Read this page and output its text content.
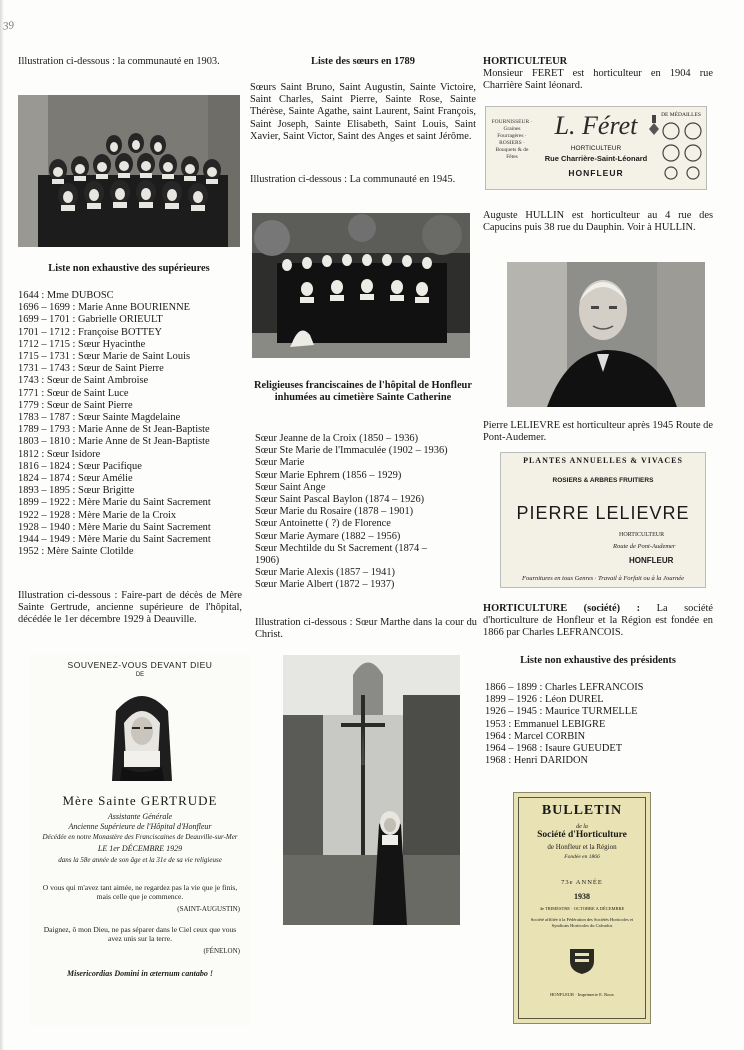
39

Illustration ci-dessous : la communauté en 1903.

Liste non exhaustive des supérieures

1644 : Mme DUBOSC
1696 – 1699 : Marie Anne BOURIENNE
1699 – 1701 : Gabrielle ORIEULT
1701 – 1712 : Françoise BOTTEY
1712 – 1715 : Sœur Hyacinthe
1715 – 1731 : Sœur Marie de Saint Louis
1731 – 1743 : Sœur de Saint Pierre
1743 : Sœur de Saint Ambroise
1771 : Sœur de Saint Luce
1779 : Sœur de Saint Pierre
1783 – 1787 : Sœur Sainte Magdelaine
1789 – 1793 : Marie Anne de St Jean-Baptiste
1803 – 1810 : Marie Anne de St Jean-Baptiste
1812 : Sœur Isidore
1816 – 1824 : Sœur Pacifique
1824 – 1874 : Sœur Amélie
1893 – 1895 : Sœur Brigitte
1899 – 1922 : Mère Marie du Saint Sacrement
1922 – 1928 : Mère Marie de la Croix
1928 – 1940 : Mère Marie du Saint Sacrement
1944 – 1949 : Mère Marie du Saint Sacrement
1952 : Mère Sainte Clotilde

Illustration ci-dessous : Faire-part de décès de Mère Sainte Gertrude, ancienne supérieure de l'hôpital, décédée le 1er décembre 1929 à Deauville.

SOUVENEZ-VOUS DEVANT DIEU
DE
Mère Sainte GERTRUDE
Assistante Générale
Ancienne Supérieure de l'Hôpital d'Honfleur
Décédée en notre Monastère des Franciscaines de Deauville-sur-Mer
LE 1er DÉCEMBRE 1929
dans la 58e année de son âge et la 31e de sa vie religieuse
O vous qui m'avez tant aimée, ne regardez pas la vie que je finis, mais celle que je commence.
(SAINT-AUGUSTIN)
Daignez, ô mon Dieu, ne pas séparer dans le Ciel ceux que vous avez unis sur la terre.
(FÉNELON)
Misericordias Domini in æternum cantabo !

Liste des sœurs en 1789

Sœurs Saint Bruno, Saint Augustin, Sainte Victoire, Saint Charles, Saint Pierre, Sainte Rose, Sainte Thérèse, Sainte Agathe, saint Laurent, Saint François, Saint Joseph, Sainte Elisabeth, Saint Louis, Saint Xavier, Saint Victor, Saint des Anges et saint Jérôme.

Illustration ci-dessous : La communauté en 1945.

Religieuses franciscaines de l'hôpital de Honfleur inhumées au cimetière Sainte Catherine

Sœur Jeanne de la Croix (1850 – 1936)
Sœur Ste Marie de l'Immaculée (1902 – 1936)
Sœur Marie
Sœur Marie Ephrem (1856 – 1929)
Sœur Saint Ange
Sœur Saint Pascal Baylon (1874 – 1926)
Sœur Marie du Rosaire (1878 – 1901)
Sœur Antoinette ( ?) de Florence
Sœur Marie Aymare (1882 – 1956)
Sœur Mechtilde du St Sacrement (1874 –
1906)
Sœur Marie Alexis (1857 – 1941)
Sœur Marie Albert (1872 – 1937)

Illustration ci-dessous : Sœur Marthe dans la cour du Christ.

HORTICULTEUR

Monsieur FERET est horticulteur en 1904 rue Charrière Saint léonard.

FOURNISSEUR · Graines Fourragères · ROSIERS · Bouquets & de Fêtes
L. Féret
HORTICULTEUR
Rue Charrière-Saint-Léonard
HONFLEUR
DE MÉDAILLES

Auguste HULLIN est horticulteur au 4 rue des Capucins puis 38 rue du Dauphin. Voir à HULLIN.

Pierre LELIEVRE est horticulteur après 1945 Route de Pont-Audemer.

PLANTES ANNUELLES & VIVACES
ROSIERS & ARBRES FRUITIERS
PIERRE LELIEVRE
HORTICULTEUR
Route de Pont-Audemer
HONFLEUR
Fournitures en tous Genres · Travail à Forfait ou à la Journée

HORTICULTURE (société) : La société d'horticulture de Honfleur et la Région est fondée en 1866 par Charles LEFRANCOIS.

Liste non exhaustive des présidents

1866 – 1899 : Charles LEFRANCOIS
1899 – 1926 : Léon DUREL
1926 – 1945 : Maurice TURMELLE
1953 : Emmanuel LEBIGRE
1964 : Marcel CORBIN
1964 – 1968 : Isaure GUEUDET
1968 : Henri DARIDON
BULLETIN
de la
Société d'Horticulture
de Honfleur et la Région
Fondée en 1866
73e ANNÉE
1938
4e TRIMESTRE · OCTOBRE A DÉCEMBRE
Société affiliée à la Fédération des Sociétés Horticoles et Syndicats Horticoles du Calvados
HONFLEUR · Imprimerie E. Roux
